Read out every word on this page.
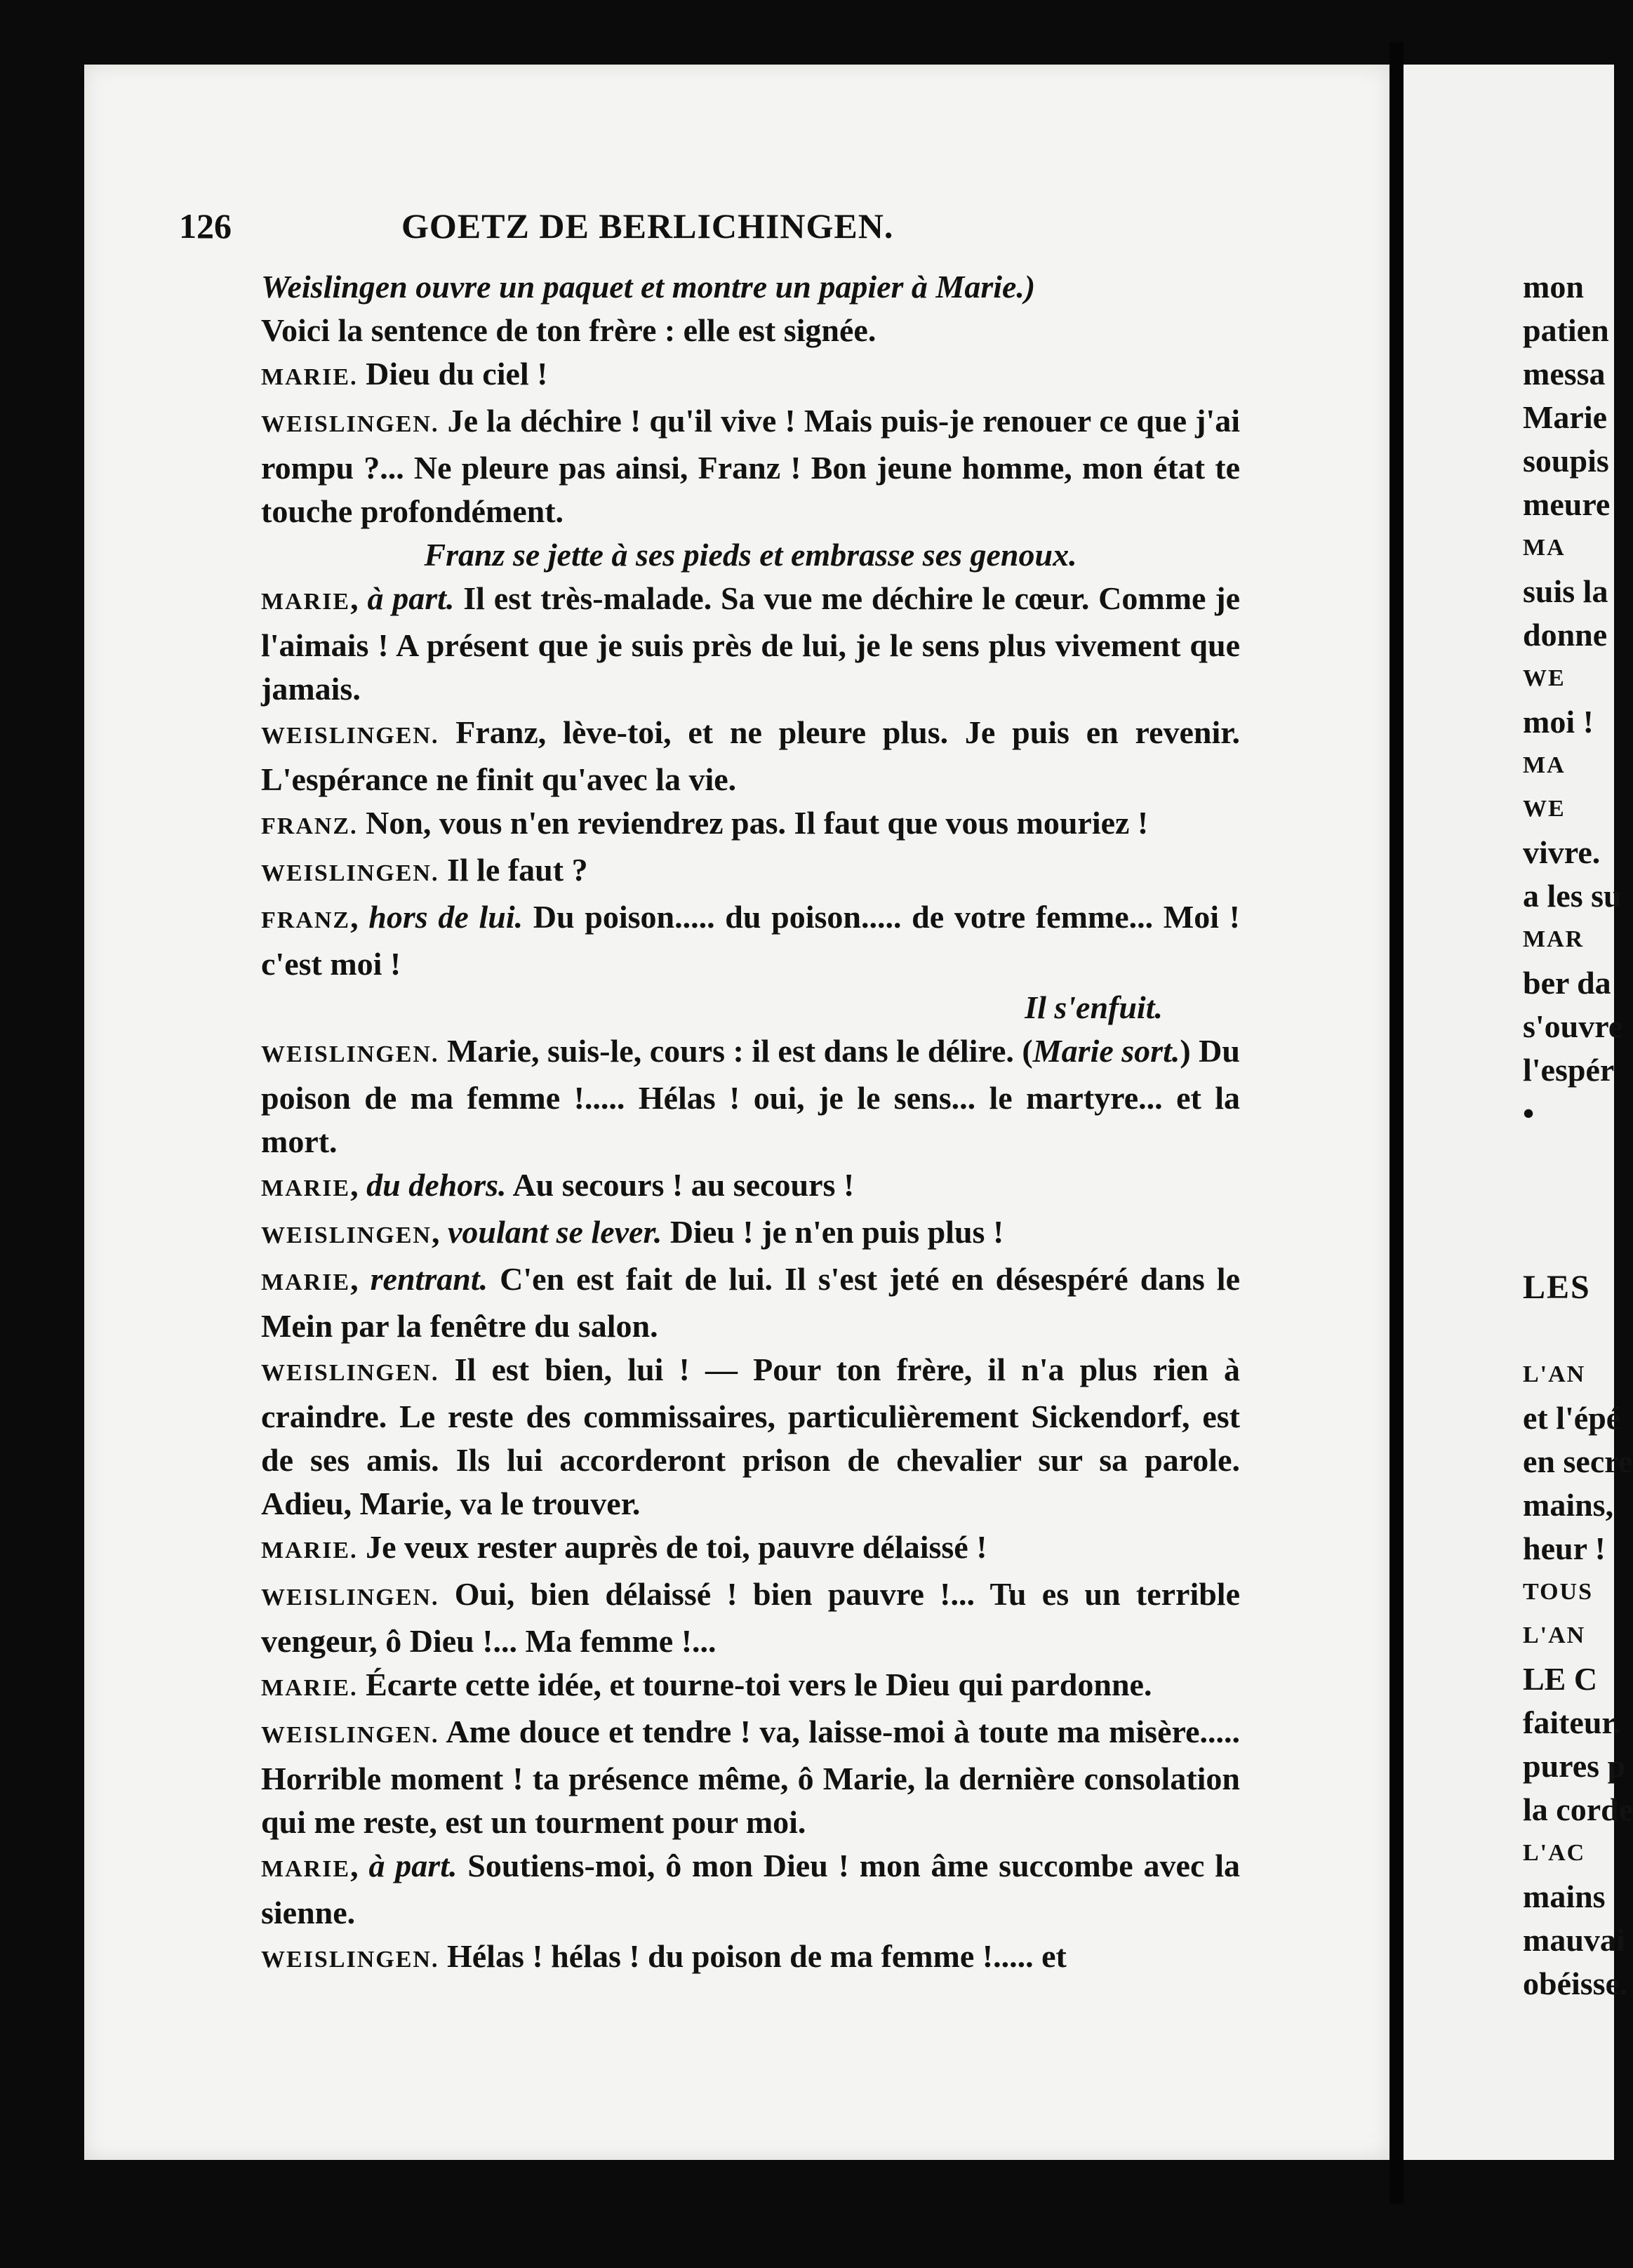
126	GOETZ DE BERLICHINGEN.

Weislingen ouvre un paquet et montre un papier à Marie.)

Voici la sentence de ton frère : elle est signée.

MARIE. Dieu du ciel !

WEISLINGEN. Je la déchire ! qu'il vive ! Mais puis-je renouer ce que j'ai rompu ?... Ne pleure pas ainsi, Franz ! Bon jeune homme, mon état te touche profondément.

Franz se jette à ses pieds et embrasse ses genoux.

MARIE, à part. Il est très-malade. Sa vue me déchire le cœur. Comme je l'aimais ! A présent que je suis près de lui, je le sens plus vivement que jamais.

WEISLINGEN. Franz, lève-toi, et ne pleure plus. Je puis en revenir. L'espérance ne finit qu'avec la vie.

FRANZ. Non, vous n'en reviendrez pas. Il faut que vous mouriez !

WEISLINGEN. Il le faut ?

FRANZ, hors de lui. Du poison..... du poison..... de votre femme... Moi ! c'est moi !

Il s'enfuit.

WEISLINGEN. Marie, suis-le, cours : il est dans le délire. (Marie sort.) Du poison de ma femme !..... Hélas ! oui, je le sens... le martyre... et la mort.

MARIE, du dehors. Au secours ! au secours !

WEISLINGEN, voulant se lever. Dieu ! je n'en puis plus !

MARIE, rentrant. C'en est fait de lui. Il s'est jeté en désespéré dans le Mein par la fenêtre du salon.

WEISLINGEN. Il est bien, lui ! — Pour ton frère, il n'a plus rien à craindre. Le reste des commissaires, particulièrement Sickendorf, est de ses amis. Ils lui accorderont prison de chevalier sur sa parole. Adieu, Marie, va le trouver.

MARIE. Je veux rester auprès de toi, pauvre délaissé !

WEISLINGEN. Oui, bien délaissé ! bien pauvre !... Tu es un terrible vengeur, ô Dieu !... Ma femme !...

MARIE. Écarte cette idée, et tourne-toi vers le Dieu qui pardonne.

WEISLINGEN. Ame douce et tendre ! va, laisse-moi à toute ma misère..... Horrible moment ! ta présence même, ô Marie, la dernière consolation qui me reste, est un tourment pour moi.

MARIE, à part. Soutiens-moi, ô mon Dieu ! mon âme succombe avec la sienne.

WEISLINGEN. Hélas ! hélas ! du poison de ma femme !..... et

mon
patien
messa
Marie
soupis
meure
MA
suis la
donne
WE
moi !
MA
WE
vivre.
a les su
MAR
ber da
s'ouvre
l'espér
•
LES
L'AN
et l'épé
en secre
mains,
heur !
TOUS
L'AN
LE C
faiteur.
pures p
la corde
L'AC
mains
mauvai
obéisse.
